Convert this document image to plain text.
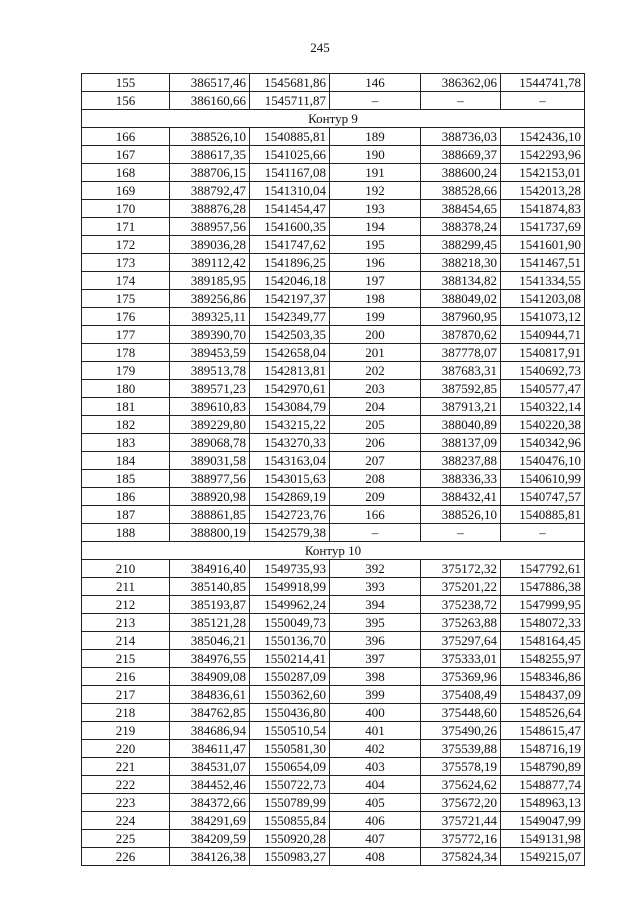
245
155	386517,46	1545681,86	146	386362,06	1544741,78
156	386160,66	1545711,87	–	–	–
Контур 9					
166	388526,10	1540885,81	189	388736,03	1542436,10
167	388617,35	1541025,66	190	388669,37	1542293,96
168	388706,15	1541167,08	191	388600,24	1542153,01
169	388792,47	1541310,04	192	388528,66	1542013,28
170	388876,28	1541454,47	193	388454,65	1541874,83
171	388957,56	1541600,35	194	388378,24	1541737,69
172	389036,28	1541747,62	195	388299,45	1541601,90
173	389112,42	1541896,25	196	388218,30	1541467,51
174	389185,95	1542046,18	197	388134,82	1541334,55
175	389256,86	1542197,37	198	388049,02	1541203,08
176	389325,11	1542349,77	199	387960,95	1541073,12
177	389390,70	1542503,35	200	387870,62	1540944,71
178	389453,59	1542658,04	201	387778,07	1540817,91
179	389513,78	1542813,81	202	387683,31	1540692,73
180	389571,23	1542970,61	203	387592,85	1540577,47
181	389610,83	1543084,79	204	387913,21	1540322,14
182	389229,80	1543215,22	205	388040,89	1540220,38
183	389068,78	1543270,33	206	388137,09	1540342,96
184	389031,58	1543163,04	207	388237,88	1540476,10
185	388977,56	1543015,63	208	388336,33	1540610,99
186	388920,98	1542869,19	209	388432,41	1540747,57
187	388861,85	1542723,76	166	388526,10	1540885,81
188	388800,19	1542579,38	–	–	–
Контур 10					
210	384916,40	1549735,93	392	375172,32	1547792,61
211	385140,85	1549918,99	393	375201,22	1547886,38
212	385193,87	1549962,24	394	375238,72	1547999,95
213	385121,28	1550049,73	395	375263,88	1548072,33
214	385046,21	1550136,70	396	375297,64	1548164,45
215	384976,55	1550214,41	397	375333,01	1548255,97
216	384909,08	1550287,09	398	375369,96	1548346,86
217	384836,61	1550362,60	399	375408,49	1548437,09
218	384762,85	1550436,80	400	375448,60	1548526,64
219	384686,94	1550510,54	401	375490,26	1548615,47
220	384611,47	1550581,30	402	375539,88	1548716,19
221	384531,07	1550654,09	403	375578,19	1548790,89
222	384452,46	1550722,73	404	375624,62	1548877,74
223	384372,66	1550789,99	405	375672,20	1548963,13
224	384291,69	1550855,84	406	375721,44	1549047,99
225	384209,59	1550920,28	407	375772,16	1549131,98
226	384126,38	1550983,27	408	375824,34	1549215,07
